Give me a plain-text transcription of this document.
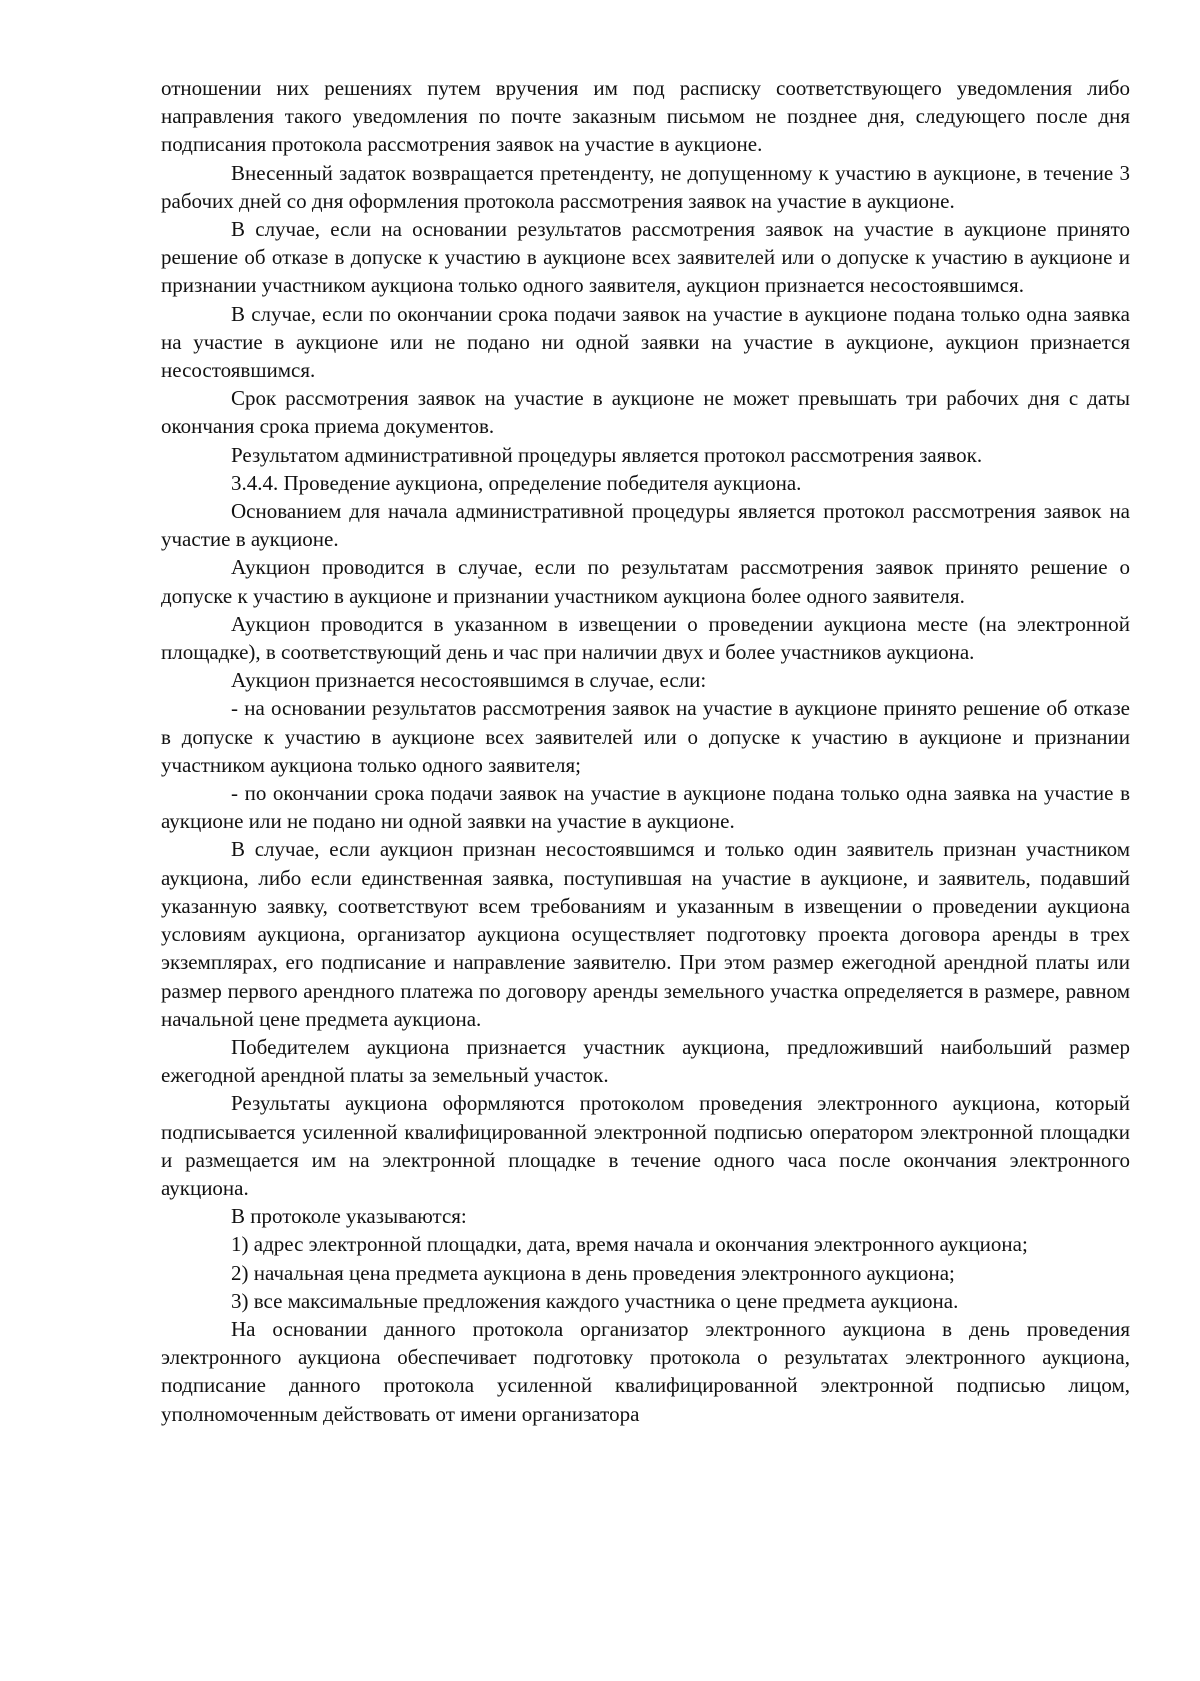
отношении них решениях путем вручения им под расписку соответствующего уведомления либо направления такого уведомления по почте заказным письмом не позднее дня, следующего после дня подписания протокола рассмотрения заявок на участие в аукционе.

Внесенный задаток возвращается претенденту, не допущенному к участию в аукционе, в течение 3 рабочих дней со дня оформления протокола рассмотрения заявок на участие в аукционе.

В случае, если на основании результатов рассмотрения заявок на участие в аукционе принято решение об отказе в допуске к участию в аукционе всех заявителей или о допуске к участию в аукционе и признании участником аукциона только одного заявителя, аукцион признается несостоявшимся.

В случае, если по окончании срока подачи заявок на участие в аукционе подана только одна заявка на участие в аукционе или не подано ни одной заявки на участие в аукционе, аукцион признается несостоявшимся.

Срок рассмотрения заявок на участие в аукционе не может превышать три рабочих дня с даты окончания срока приема документов.

Результатом административной процедуры является протокол рассмотрения заявок.

3.4.4. Проведение аукциона, определение победителя аукциона.

Основанием для начала административной процедуры является протокол рассмотрения заявок на участие в аукционе.

Аукцион проводится в случае, если по результатам рассмотрения заявок принято решение о допуске к участию в аукционе и признании участником аукциона более одного заявителя.

Аукцион проводится в указанном в извещении о проведении аукциона месте (на электронной площадке), в соответствующий день и час при наличии двух и более участников аукциона.

Аукцион признается несостоявшимся в случае, если:

- на основании результатов рассмотрения заявок на участие в аукционе принято решение об отказе в допуске к участию в аукционе всех заявителей или о допуске к участию в аукционе и признании участником аукциона только одного заявителя;

- по окончании срока подачи заявок на участие в аукционе подана только одна заявка на участие в аукционе или не подано ни одной заявки на участие в аукционе.

В случае, если аукцион признан несостоявшимся и только один заявитель признан участником аукциона, либо если единственная заявка, поступившая на участие в аукционе, и заявитель, подавший указанную заявку, соответствуют всем требованиям и указанным в извещении о проведении аукциона условиям аукциона, организатор аукциона осуществляет подготовку проекта договора аренды в трех экземплярах, его подписание и направление заявителю. При этом размер ежегодной арендной платы или размер первого арендного платежа по договору аренды земельного участка определяется в размере, равном начальной цене предмета аукциона.

Победителем аукциона признается участник аукциона, предложивший наибольший размер ежегодной арендной платы за земельный участок.

Результаты аукциона оформляются протоколом проведения электронного аукциона, который подписывается усиленной квалифицированной электронной подписью оператором электронной площадки и размещается им на электронной площадке в течение одного часа после окончания электронного аукциона.

В протоколе указываются:

1) адрес электронной площадки, дата, время начала и окончания электронного аукциона;

2) начальная цена предмета аукциона в день проведения электронного аукциона;

3) все максимальные предложения каждого участника о цене предмета аукциона.

На основании данного протокола организатор электронного аукциона в день проведения электронного аукциона обеспечивает подготовку протокола о результатах электронного аукциона, подписание данного протокола усиленной квалифицированной электронной подписью лицом, уполномоченным действовать от имени организатора
